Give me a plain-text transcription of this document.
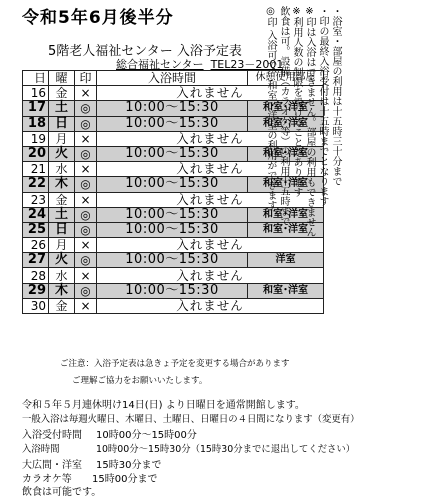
令和5年6月後半分
5階老人福祉センター 入浴予定表
総合福祉センター TEL23－2001
日	曜	印	入浴時間	休憩使用部屋
16	金	×	入れません	
17	土	◎	10:00～15:30	和室･洋室
18	日	◎	10:00～15:30	和室･洋室
19	月	×	入れません	
20	火	◎	10:00～15:30	和室･洋室
21	水	×	入れません	
22	木	◎	10:00～15:30	和室･洋室
23	金	×	入れません	
24	土	◎	10:00～15:30	和室･洋室
25	日	◎	10:00～15:30	和室･洋室
26	月	×	入れません	
27	火	◎	10:00～15:30	洋室
28	水	×	入れません	
29	木	◎	10:00～15:30	和室･洋室
30	金	×	入れません	
◎印 入浴可で、和室・洋室の利用ができます 飲食は可。設備（カラオケ等）の利用十五時まで ※利用人数の制限を設けることがあります ※印は入浴はできません。部屋の利用もできません ・印の最終入浴受付は十五時までとなります ・浴室・部屋の利用は十五時三十分まで
ご注意：入浴予定表は急きょ予定を変更する場合があります
ご理解ご協力をお願いいたします。
令和５年５月連休明け14日(日) より日曜日を通常開館します。
一般入浴は毎週火曜日、木曜日、土曜日、日曜日の４日間になります（変更有）
入浴受付時間 10時00分～15時00分
入浴時間	10時00分～15時30分（15時30分までに退出してください）
大広間・洋室 15時30分まで
カラオケ等 15時00分まで
飲食は可能です。
